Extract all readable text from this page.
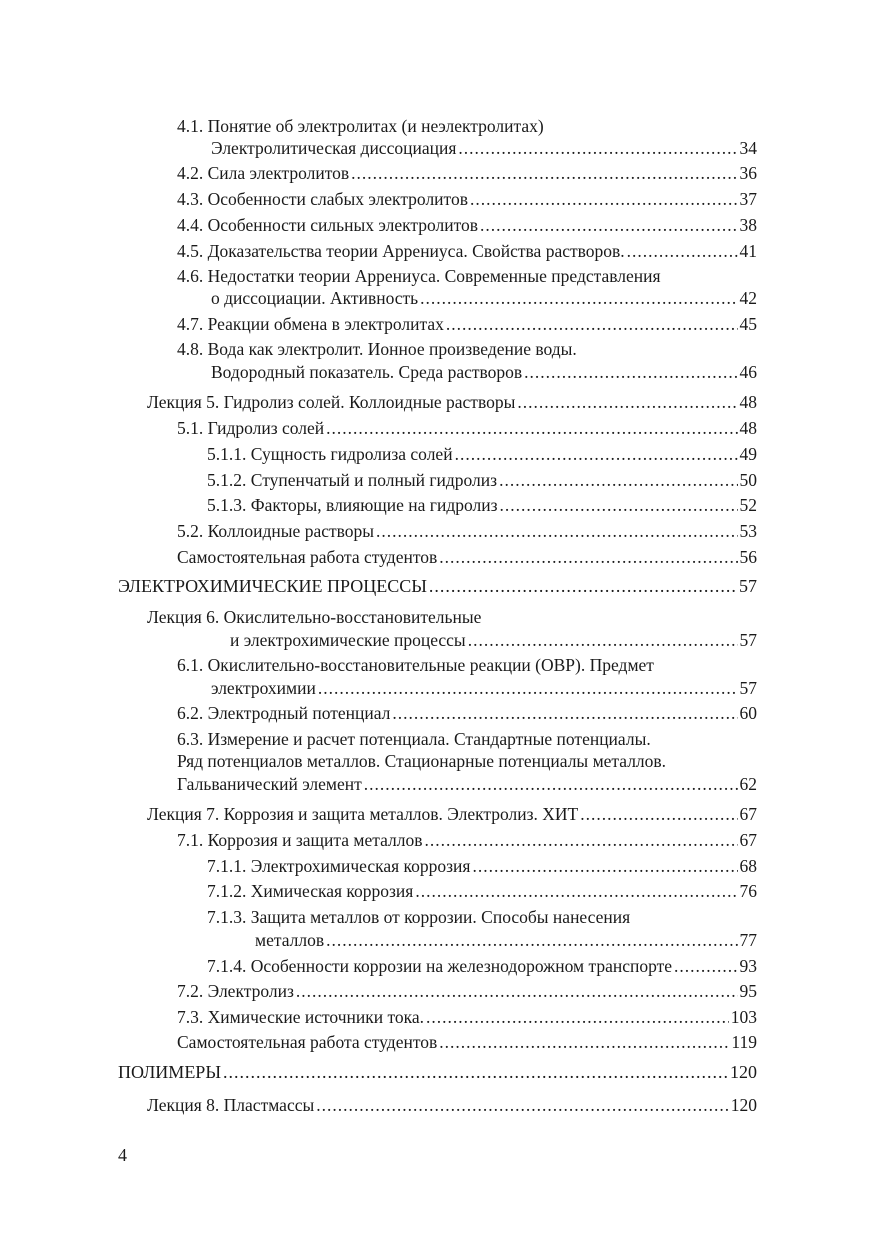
4.1. Понятие об электролитах (и неэлектролитах)
Электролитическая диссоциация .....	34
4.2. Сила электролитов .....	36
4.3. Особенности слабых электролитов .....	37
4.4. Особенности сильных электролитов .....	38
4.5. Доказательства теории Аррениуса. Свойства растворов. .....	41
4.6. Недостатки теории Аррениуса. Современные представления
о диссоциации. Активность .....	42
4.7. Реакции обмена в электролитах .....	45
4.8. Вода как электролит. Ионное произведение воды.
Водородный показатель. Среда растворов .....	46
Лекция 5. Гидролиз солей. Коллоидные растворы .....	48
5.1. Гидролиз солей .....	48
5.1.1. Сущность гидролиза солей .....	49
5.1.2. Ступенчатый и полный гидролиз .....	50
5.1.3. Факторы, влияющие на гидролиз .....	52
5.2. Коллоидные растворы .....	53
Самостоятельная работа студентов .....	56
ЭЛЕКТРОХИМИЧЕСКИЕ ПРОЦЕССЫ .....	57
Лекция 6. Окислительно-восстановительные
и электрохимические процессы .....	57
6.1. Окислительно-восстановительные реакции (ОВР). Предмет
электрохимии .....	57
6.2. Электродный потенциал .....	60
6.3. Измерение и расчет потенциала. Стандартные потенциалы.
Ряд потенциалов металлов. Стационарные потенциалы металлов.
Гальванический элемент .....	62
Лекция 7. Коррозия и защита металлов. Электролиз. ХИТ .....	67
7.1. Коррозия и защита металлов .....	67
7.1.1. Электрохимическая коррозия .....	68
7.1.2. Химическая коррозия .....	76
7.1.3. Защита металлов от коррозии. Способы нанесения
металлов .....	77
7.1.4. Особенности коррозии на железнодорожном транспорте .....	93
7.2. Электролиз .....	95
7.3. Химические источники тока. .....	103
Самостоятельная работа студентов .....	119
ПОЛИМЕРЫ .....	120
Лекция 8. Пластмассы .....	120
4
